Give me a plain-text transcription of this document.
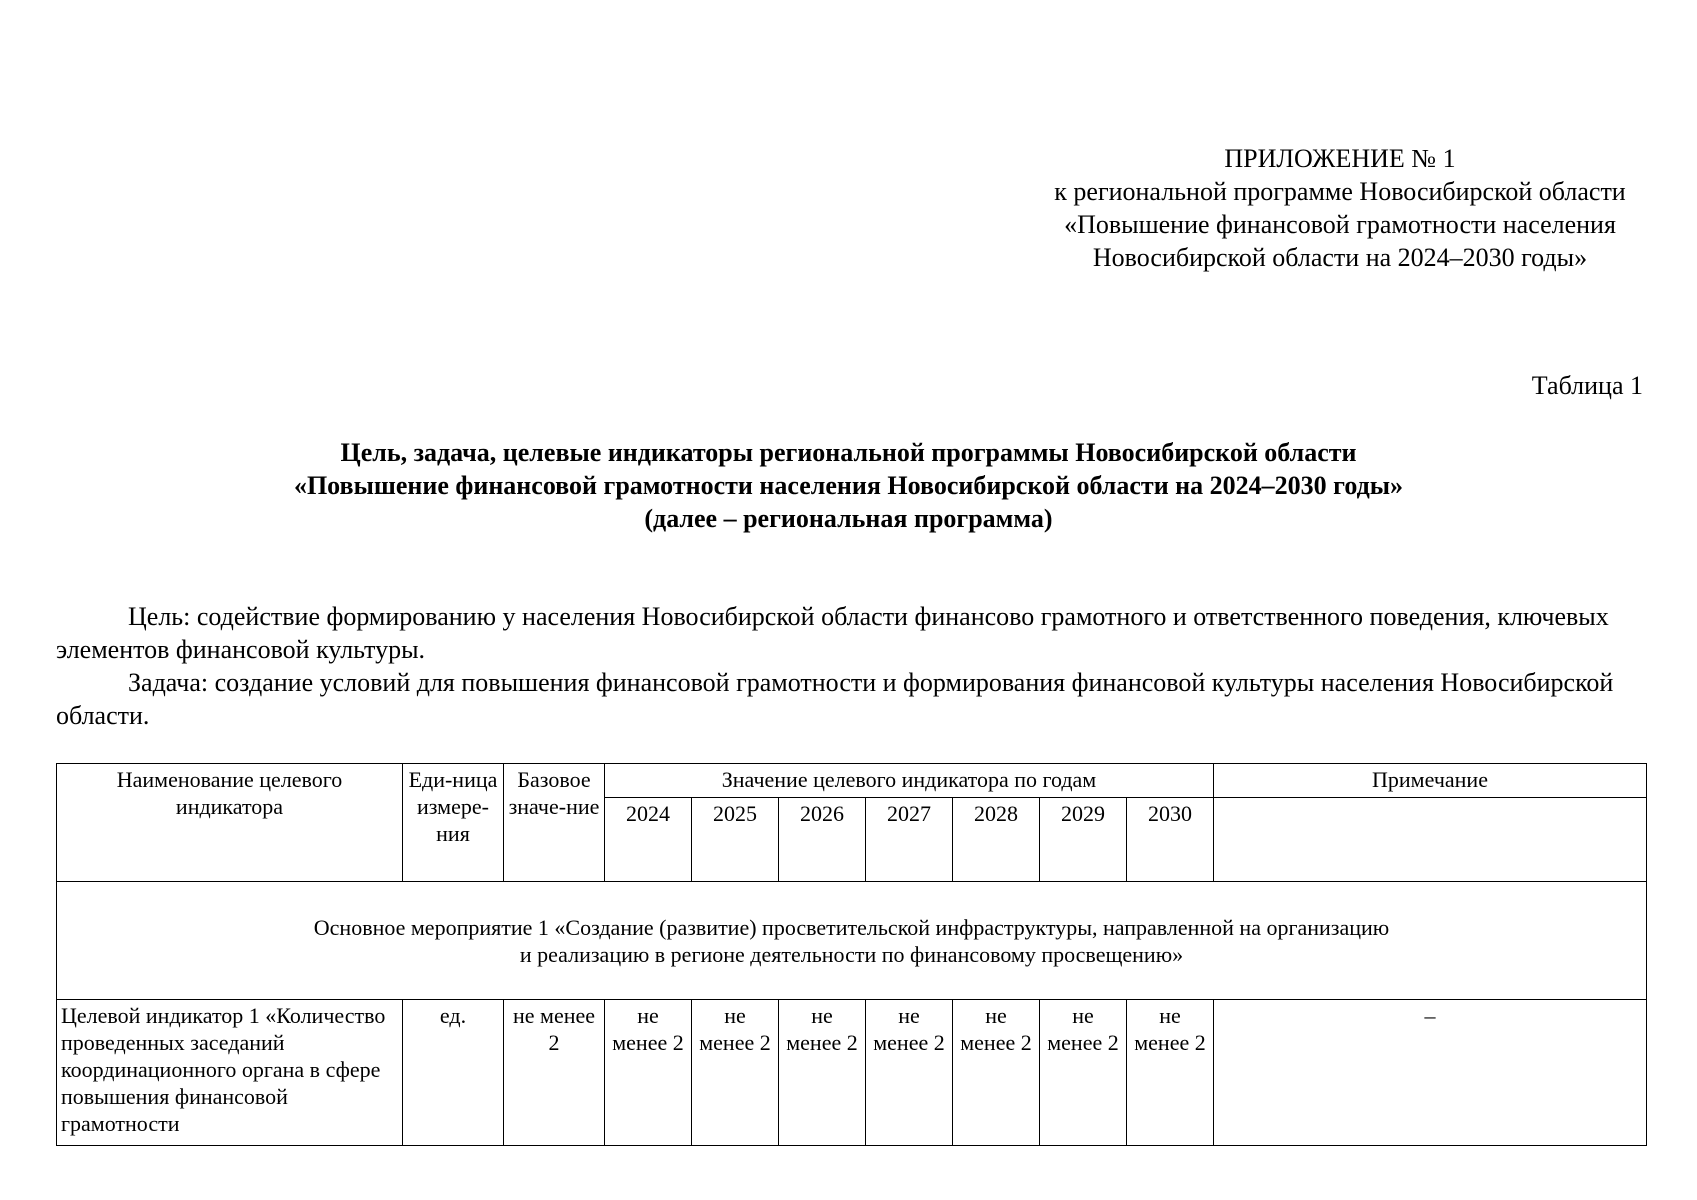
ПРИЛОЖЕНИЕ № 1
к региональной программе Новосибирской области
«Повышение финансовой грамотности населения
Новосибирской области на 2024–2030 годы»
Таблица 1
Цель, задача, целевые индикаторы региональной программы Новосибирской области
«Повышение финансовой грамотности населения Новосибирской области на 2024–2030 годы»
(далее – региональная программа)

Цель: содействие формированию у населения Новосибирской области финансово грамотного и ответственного поведения, ключевых элементов финансовой культуры.

Задача: создание условий для повышения финансовой грамотности и формирования финансовой культуры населения Новосибирской области.

Наименование целевого индикатора	Еди-ница измере-ния	Базовое значе-ние	Значение целевого индикатора по годам							Примечание
			2024	2025	2026	2027	2028	2029	2030	

Основное мероприятие 1 «Создание (развитие) просветительской инфраструктуры, направленной на организацию
и реализацию в регионе деятельности по финансовому просвещению»										

Целевой индикатор 1 «Количество проведенных заседаний координационного органа в сфере повышения финансовой грамотности	ед.	не менее 2	не менее 2	не менее 2	не менее 2	не менее 2	не менее 2	не менее 2	не менее 2	–
